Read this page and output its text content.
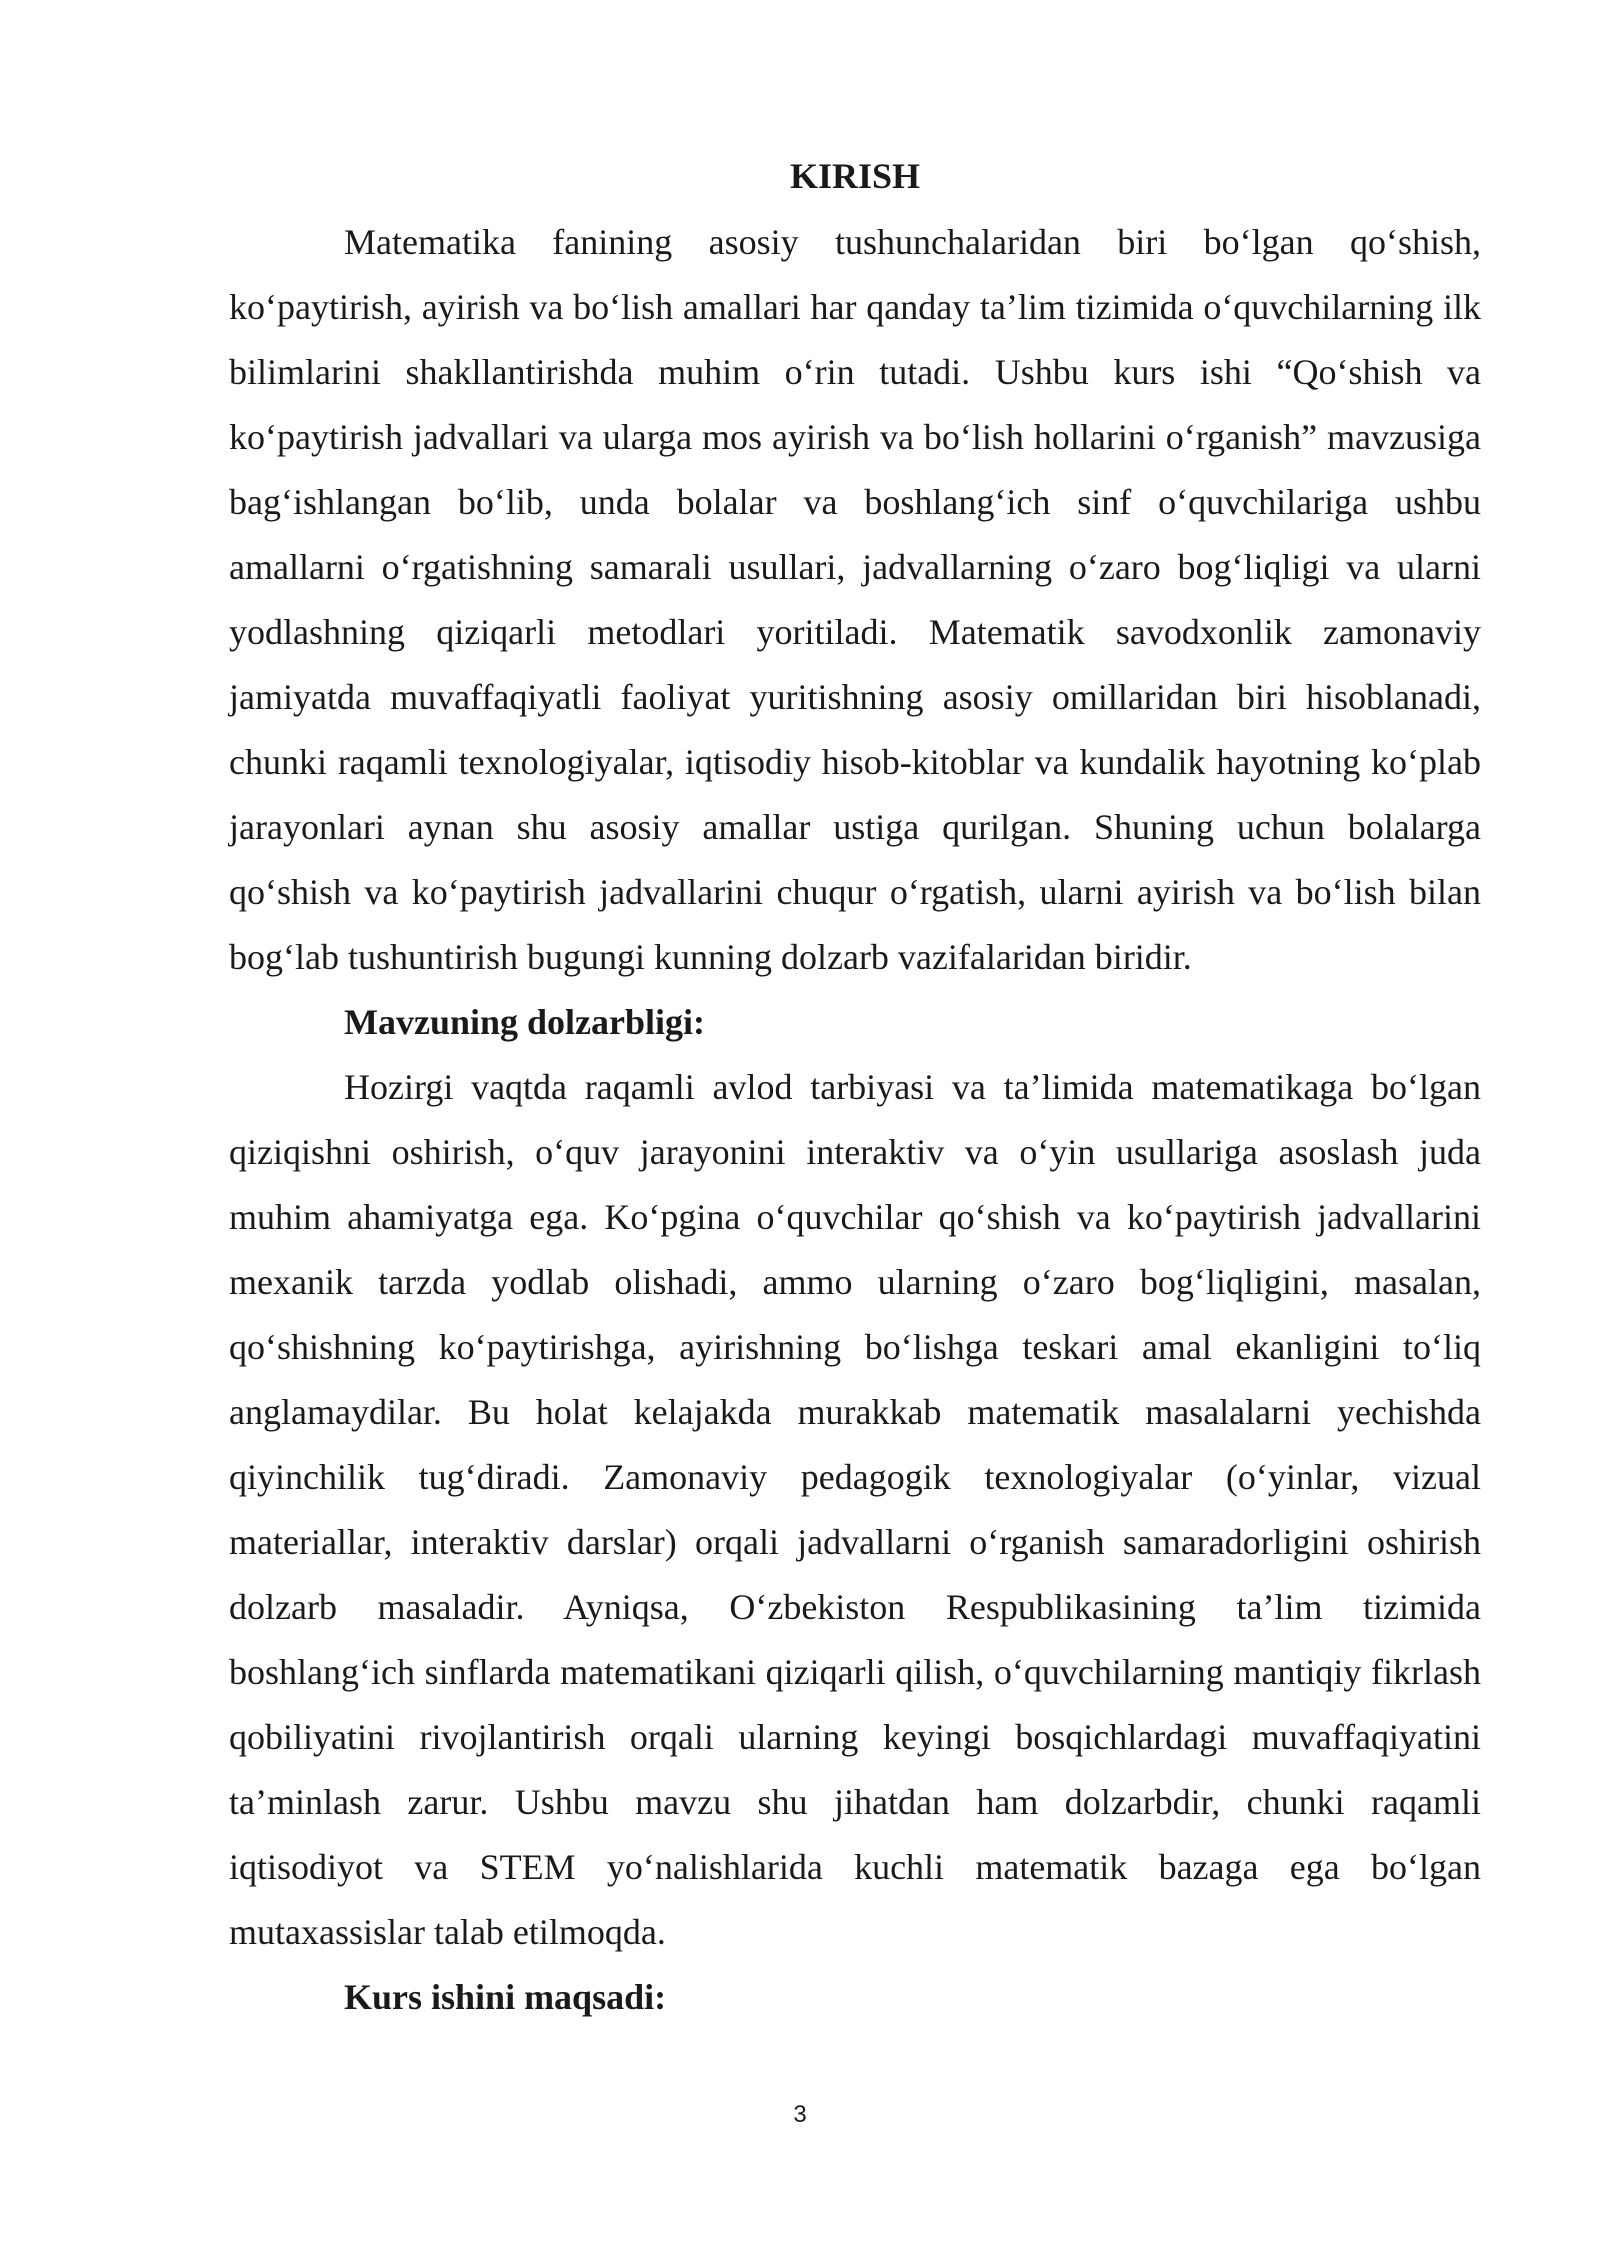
KIRISH

Matematika fanining asosiy tushunchalaridan biri bo‘lgan qo‘shish, ko‘paytirish, ayirish va bo‘lish amallari har qanday ta’lim tizimida o‘quvchilarning ilk bilimlarini shakllantirishda muhim o‘rin tutadi. Ushbu kurs ishi “Qo‘shish va ko‘paytirish jadvallari va ularga mos ayirish va bo‘lish hollarini o‘rganish” mavzusiga bag‘ishlangan bo‘lib, unda bolalar va boshlang‘ich sinf o‘quvchilariga ushbu amallarni o‘rgatishning samarali usullari, jadvallarning o‘zaro bog‘liqligi va ularni yodlashning qiziqarli metodlari yoritiladi. Matematik savodxonlik zamonaviy jamiyatda muvaffaqiyatli faoliyat yuritishning asosiy omillaridan biri hisoblanadi, chunki raqamli texnologiyalar, iqtisodiy hisob-kitoblar va kundalik hayotning ko‘plab jarayonlari aynan shu asosiy amallar ustiga qurilgan. Shuning uchun bolalarga qo‘shish va ko‘paytirish jadvallarini chuqur o‘rgatish, ularni ayirish va bo‘lish bilan bog‘lab tushuntirish bugungi kunning dolzarb vazifalaridan biridir.

Mavzuning dolzarbligi:

Hozirgi vaqtda raqamli avlod tarbiyasi va ta’limida matematikaga bo‘lgan qiziqishni oshirish, o‘quv jarayonini interaktiv va o‘yin usullariga asoslash juda muhim ahamiyatga ega. Ko‘pgina o‘quvchilar qo‘shish va ko‘paytirish jadvallarini mexanik tarzda yodlab olishadi, ammo ularning o‘zaro bog‘liqligini, masalan, qo‘shishning ko‘paytirishga, ayirishning bo‘lishga teskari amal ekanligini to‘liq anglamaydilar. Bu holat kelajakda murakkab matematik masalalarni yechishda qiyinchilik tug‘diradi. Zamonaviy pedagogik texnologiyalar (o‘yinlar, vizual materiallar, interaktiv darslar) orqali jadvallarni o‘rganish samaradorligini oshirish dolzarb masaladir. Ayniqsa, O‘zbekiston Respublikasining ta’lim tizimida boshlang‘ich sinflarda matematikani qiziqarli qilish, o‘quvchilarning mantiqiy fikrlash qobiliyatini rivojlantirish orqali ularning keyingi bosqichlardagi muvaffaqiyatini ta’minlash zarur. Ushbu mavzu shu jihatdan ham dolzarbdir, chunki raqamli iqtisodiyot va STEM yo‘nalishlarida kuchli matematik bazaga ega bo‘lgan mutaxassislar talab etilmoqda.

Kurs ishini maqsadi:
3
